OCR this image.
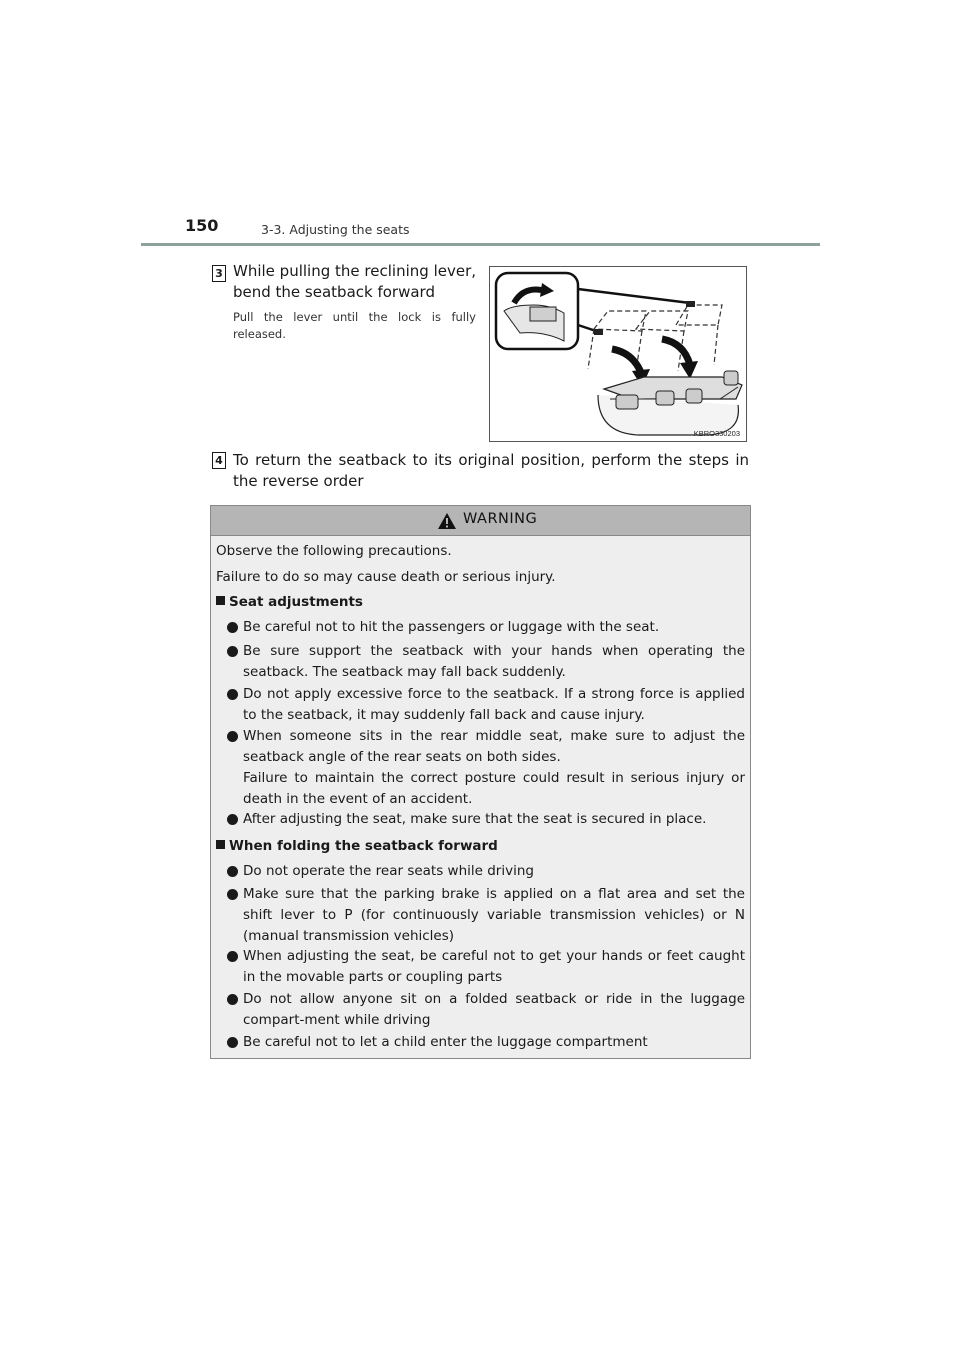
150	3-3. Adjusting the seats
3 While pulling the reclining lever, bend the seatback forward
Pull the lever until the lock is fully released.
KBRO330203
4 To return the seatback to its original position, perform the steps in the reverse order
WARNING
Observe the following precautions.
Failure to do so may cause death or serious injury.
Seat adjustments
Be careful not to hit the passengers or luggage with the seat.
Be sure support the seatback with your hands when operating the seatback. The seatback may fall back suddenly.
Do not apply excessive force to the seatback. If a strong force is applied to the seatback, it may suddenly fall back and cause injury.
When someone sits in the rear middle seat, make sure to adjust the seatback angle of the rear seats on both sides.
Failure to maintain the correct posture could result in serious injury or death in the event of an accident.
After adjusting the seat, make sure that the seat is secured in place.
When folding the seatback forward
Do not operate the rear seats while driving
Make sure that the parking brake is applied on a flat area and set the shift lever to P (for continuously variable transmission vehicles) or N (manual transmission vehicles)
When adjusting the seat, be careful not to get your hands or feet caught in the movable parts or coupling parts
Do not allow anyone sit on a folded seatback or ride in the luggage compart-ment while driving
Be careful not to let a child enter the luggage compartment
